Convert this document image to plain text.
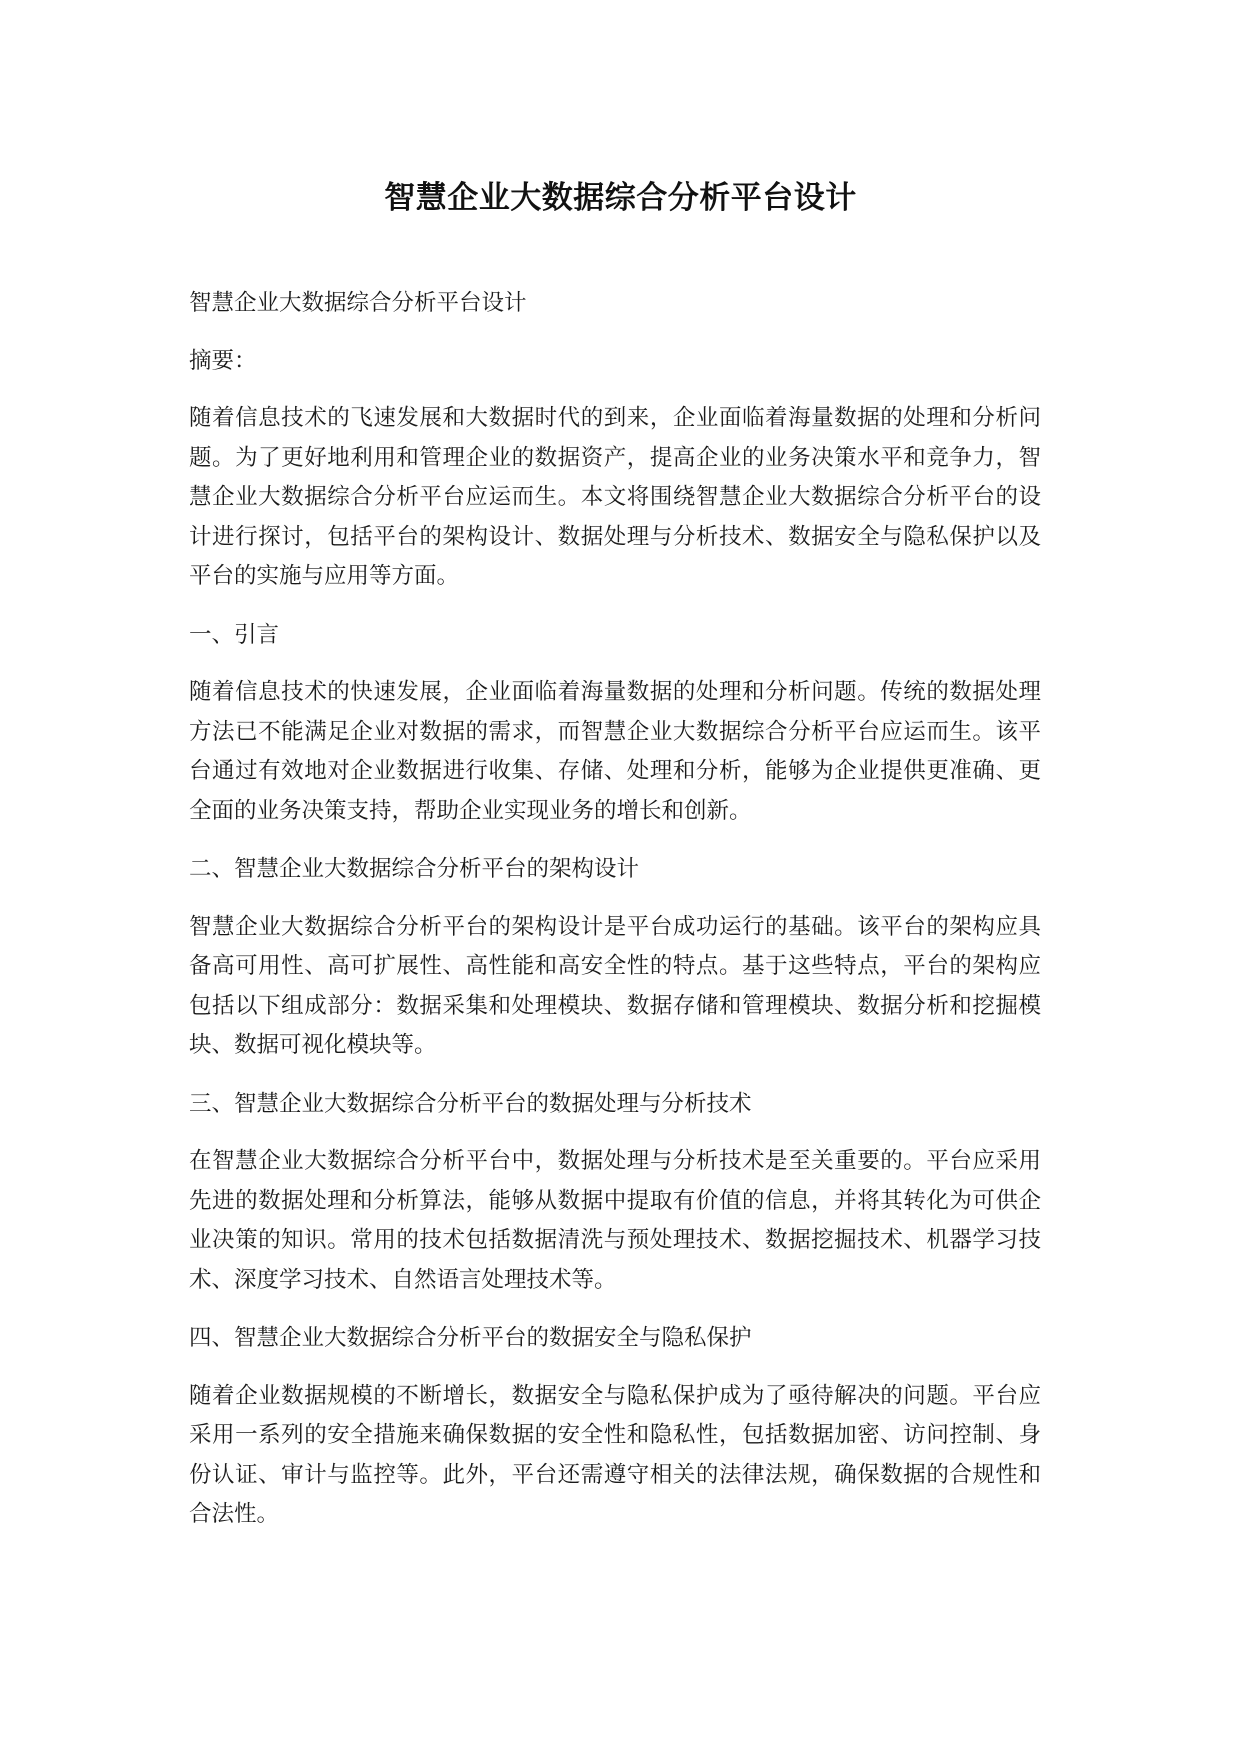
智慧企业大数据综合分析平台设计

智慧企业大数据综合分析平台设计

摘要：

随着信息技术的飞速发展和大数据时代的到来，企业面临着海量数据的处理和分析问题。为了更好地利用和管理企业的数据资产，提高企业的业务决策水平和竞争力，智慧企业大数据综合分析平台应运而生。本文将围绕智慧企业大数据综合分析平台的设计进行探讨，包括平台的架构设计、数据处理与分析技术、数据安全与隐私保护以及平台的实施与应用等方面。

一、引言

随着信息技术的快速发展，企业面临着海量数据的处理和分析问题。传统的数据处理方法已不能满足企业对数据的需求，而智慧企业大数据综合分析平台应运而生。该平台通过有效地对企业数据进行收集、存储、处理和分析，能够为企业提供更准确、更全面的业务决策支持，帮助企业实现业务的增长和创新。

二、智慧企业大数据综合分析平台的架构设计

智慧企业大数据综合分析平台的架构设计是平台成功运行的基础。该平台的架构应具备高可用性、高可扩展性、高性能和高安全性的特点。基于这些特点，平台的架构应包括以下组成部分：数据采集和处理模块、数据存储和管理模块、数据分析和挖掘模块、数据可视化模块等。

三、智慧企业大数据综合分析平台的数据处理与分析技术

在智慧企业大数据综合分析平台中，数据处理与分析技术是至关重要的。平台应采用先进的数据处理和分析算法，能够从数据中提取有价值的信息，并将其转化为可供企业决策的知识。常用的技术包括数据清洗与预处理技术、数据挖掘技术、机器学习技术、深度学习技术、自然语言处理技术等。

四、智慧企业大数据综合分析平台的数据安全与隐私保护

随着企业数据规模的不断增长，数据安全与隐私保护成为了亟待解决的问题。平台应采用一系列的安全措施来确保数据的安全性和隐私性，包括数据加密、访问控制、身份认证、审计与监控等。此外，平台还需遵守相关的法律法规，确保数据的合规性和合法性。
